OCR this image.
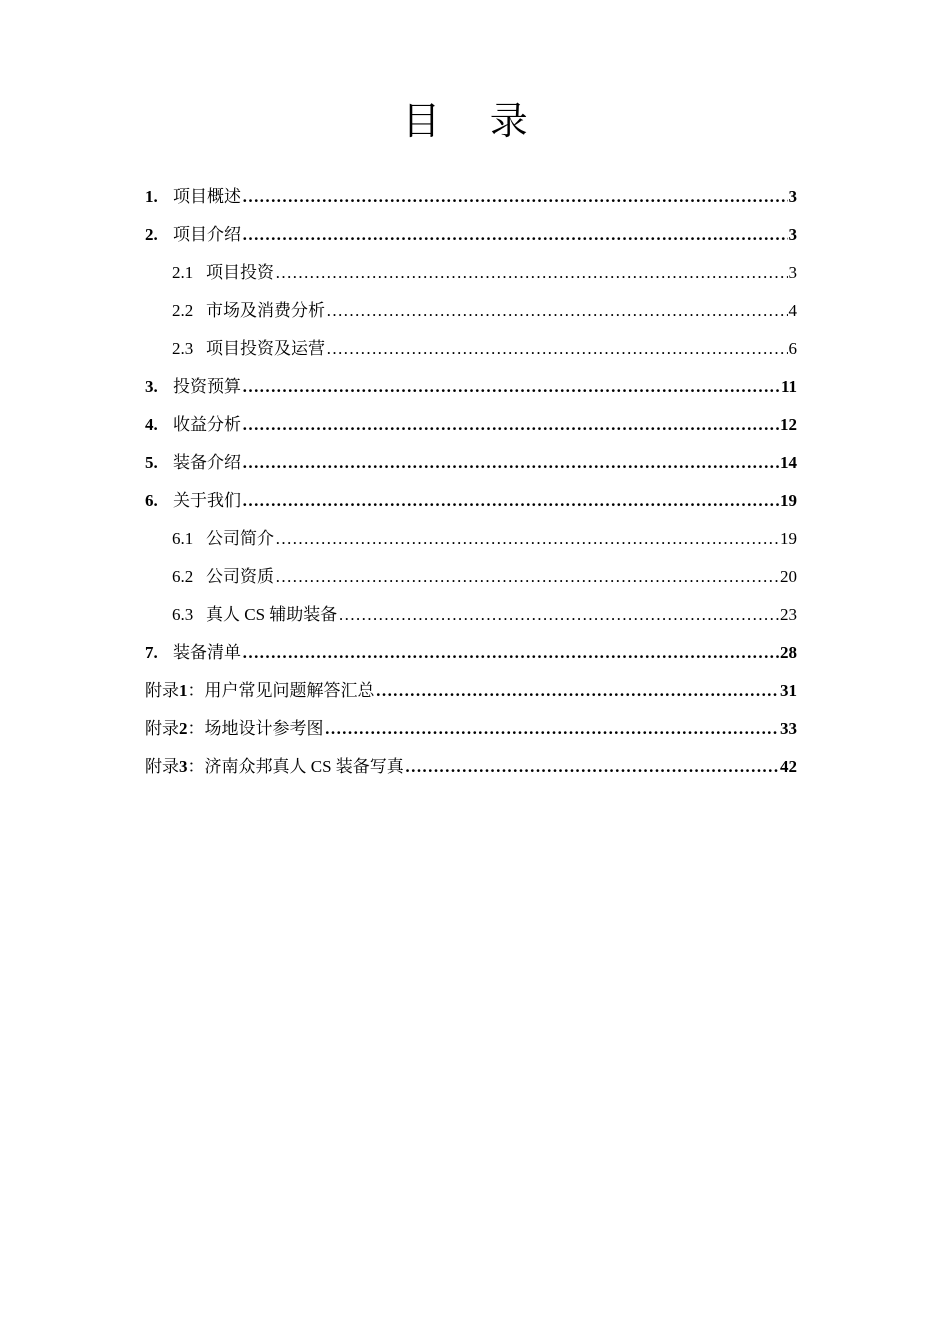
目 录
1. 项目概述 ……………………………………………………………………………………………………………………………………………………	3
2. 项目介绍 ……………………………………………………………………………………………………………………………………………………	3
2.1 项目投资 ……………………………………………………………………………………………………………………………………………………	3
2.2 市场及消费分析 ……………………………………………………………………………………………………………………………………………………	4
2.3 项目投资及运营 ……………………………………………………………………………………………………………………………………………………	6
3. 投资预算 ……………………………………………………………………………………………………………………………………………………	11
4. 收益分析 ……………………………………………………………………………………………………………………………………………………	12
5. 装备介绍 ……………………………………………………………………………………………………………………………………………………	14
6. 关于我们 ……………………………………………………………………………………………………………………………………………………	19
6.1 公司简介 ……………………………………………………………………………………………………………………………………………………	19
6.2 公司资质 ……………………………………………………………………………………………………………………………………………………	20
6.3 真人 CS 辅助装备 ……………………………………………………………………………………………………………………………………………………	23
7. 装备清单 ……………………………………………………………………………………………………………………………………………………	28
附录 1 ：用户常见问题解答汇总 ……………………………………………………………………………………………………………………………………………………	31
附录 2 ：场地设计参考图 ……………………………………………………………………………………………………………………………………………………	33
附录 3 ：济南众邦真人 CS 装备写真 ……………………………………………………………………………………………………………………………………………………	42
